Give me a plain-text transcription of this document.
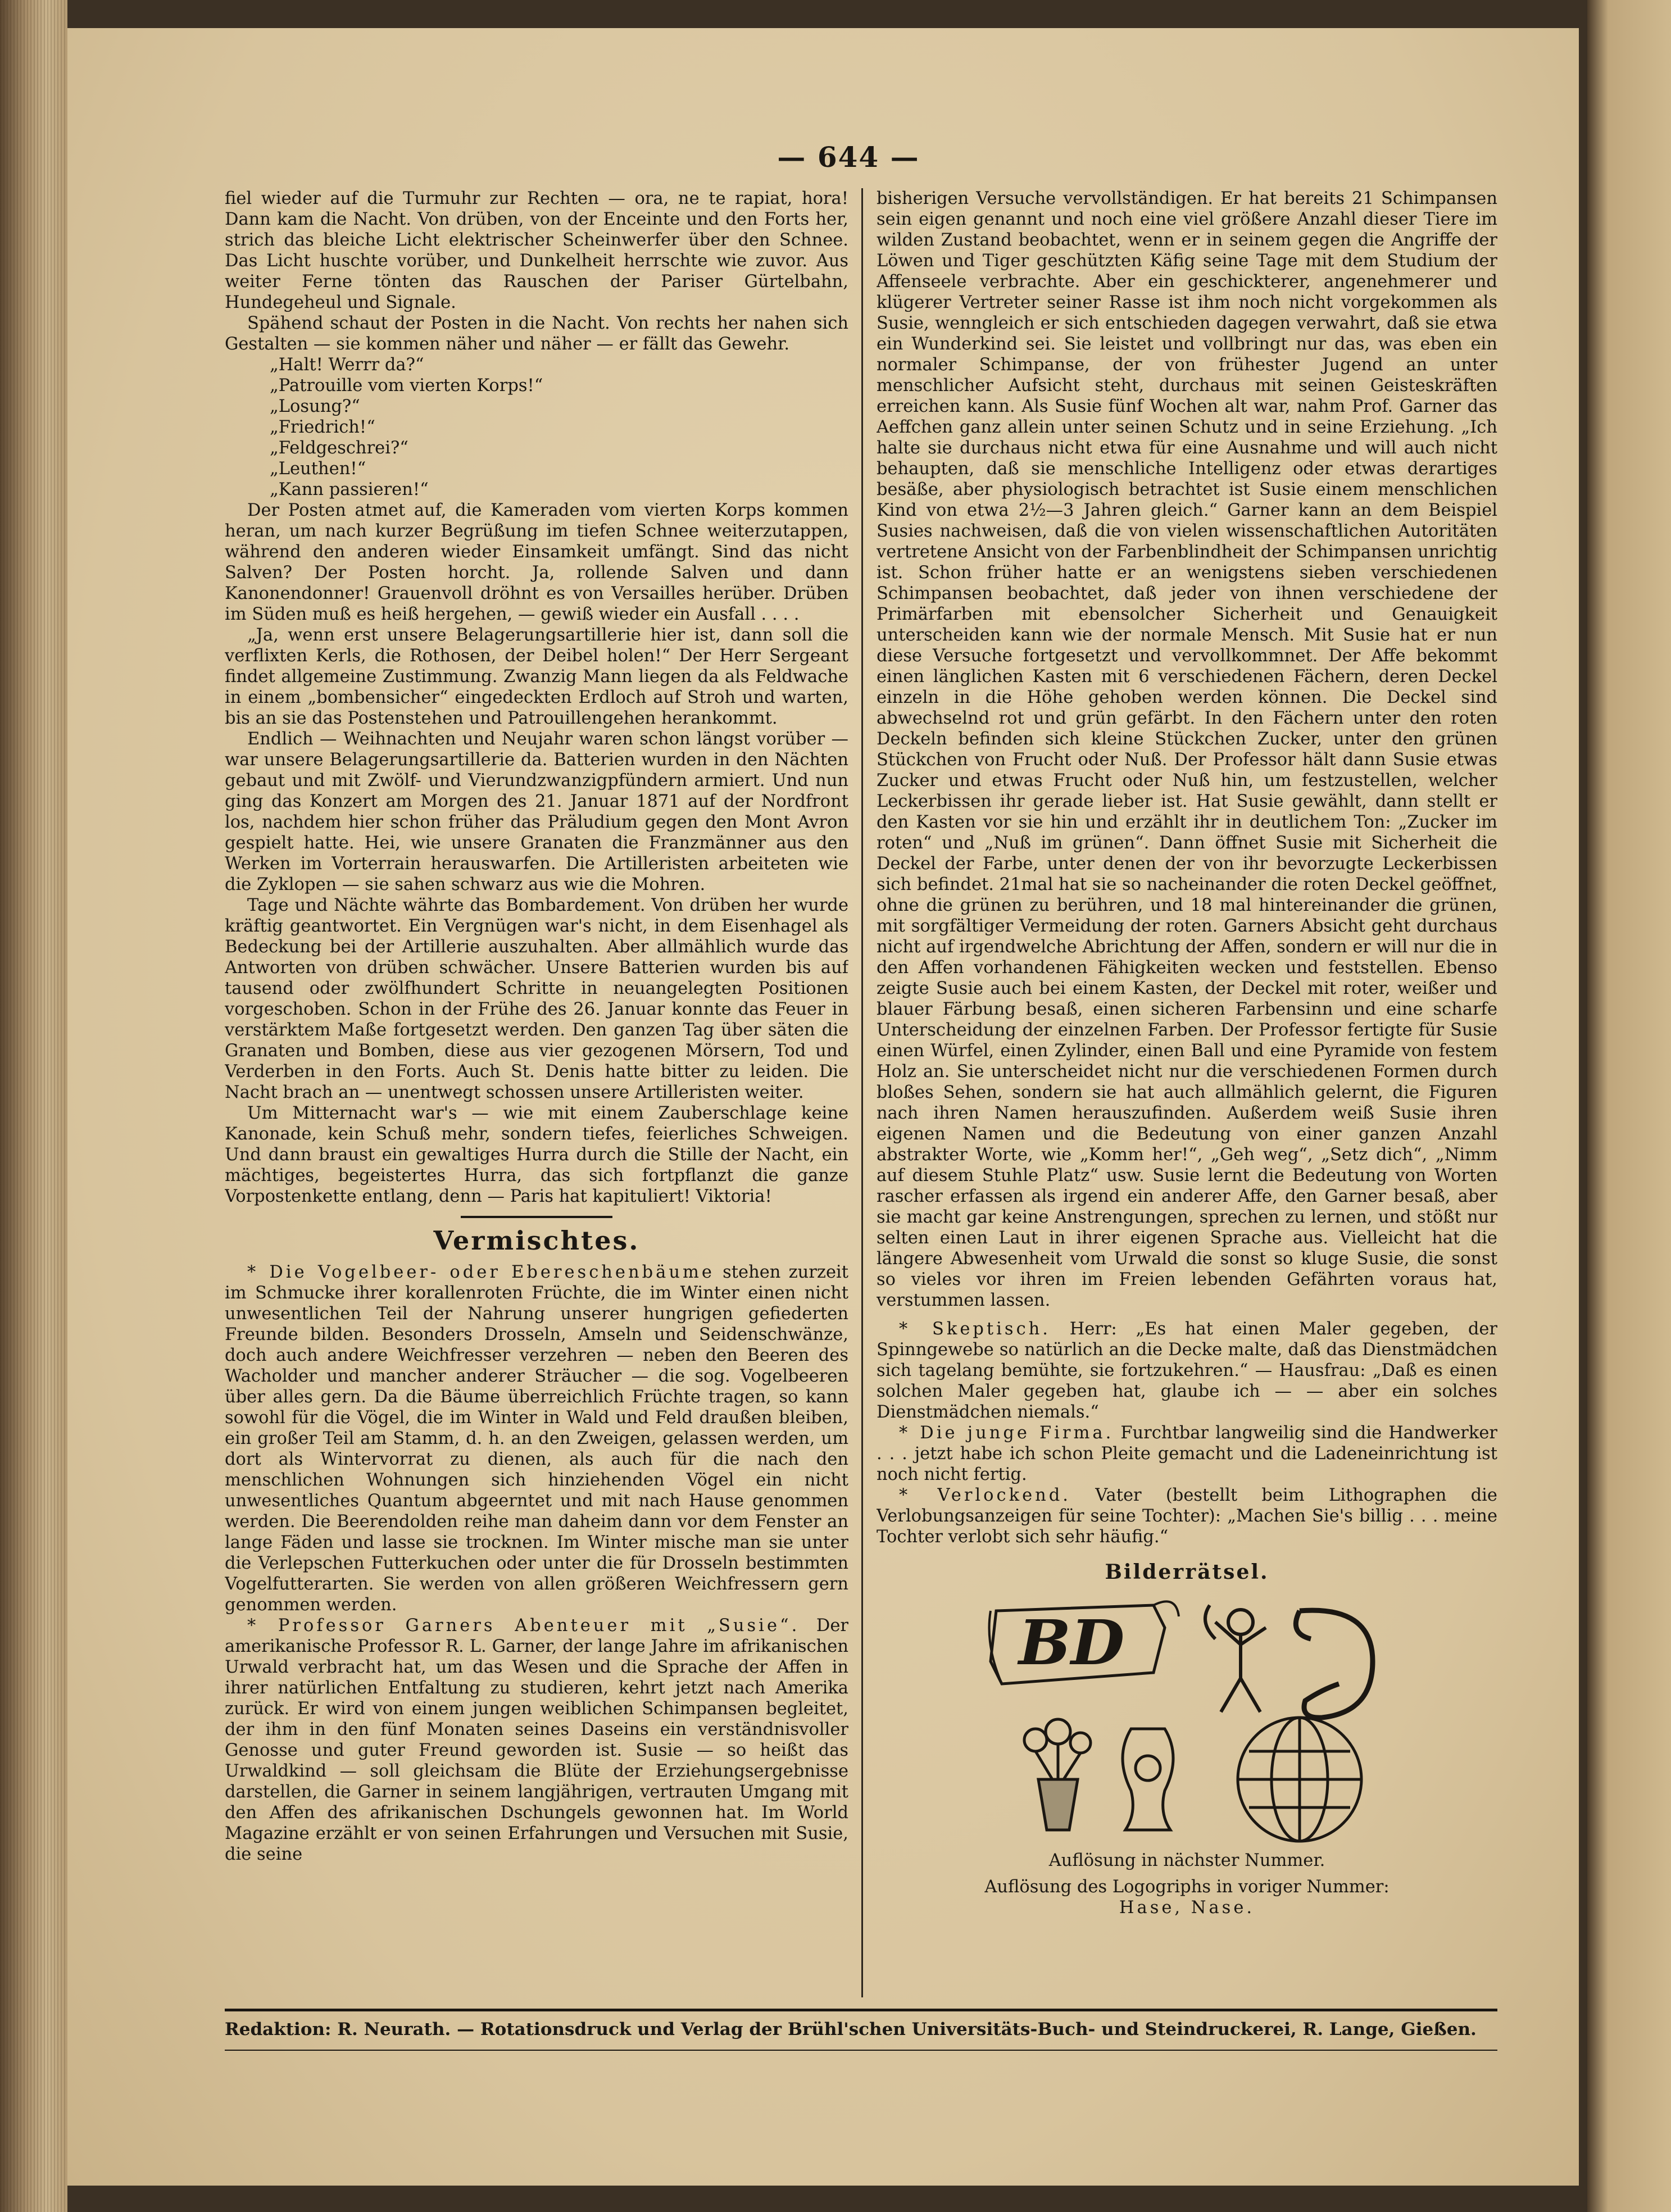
— 644 —

fiel wieder auf die Turmuhr zur Rechten — ora, ne te rapiat, hora! Dann kam die Nacht. Von drüben, von der Enceinte und den Forts her, strich das bleiche Licht elektrischer Scheinwerfer über den Schnee. Das Licht huschte vorüber, und Dunkelheit herrschte wie zuvor. Aus weiter Ferne tönten das Rauschen der Pariser Gürtelbahn, Hundegeheul und Signale.

Spähend schaut der Posten in die Nacht. Von rechts her nahen sich Gestalten — sie kommen näher und näher — er fällt das Gewehr.

„Halt! Werrr da?“

„Patrouille vom vierten Korps!“

„Losung?“

„Friedrich!“

„Feldgeschrei?“

„Leuthen!“

„Kann passieren!“

Der Posten atmet auf, die Kameraden vom vierten Korps kommen heran, um nach kurzer Begrüßung im tiefen Schnee weiterzutappen, während den anderen wieder Einsamkeit umfängt. Sind das nicht Salven? Der Posten horcht. Ja, rollende Salven und dann Kanonendonner! Grauenvoll dröhnt es von Versailles herüber. Drüben im Süden muß es heiß hergehen, — gewiß wieder ein Ausfall . . . .

„Ja, wenn erst unsere Belagerungsartillerie hier ist, dann soll die verflixten Kerls, die Rothosen, der Deibel holen!“ Der Herr Sergeant findet allgemeine Zustimmung. Zwanzig Mann liegen da als Feldwache in einem „bombensicher“ eingedeckten Erdloch auf Stroh und warten, bis an sie das Postenstehen und Patrouillengehen herankommt.

Endlich — Weihnachten und Neujahr waren schon längst vorüber — war unsere Belagerungsartillerie da. Batterien wurden in den Nächten gebaut und mit Zwölf- und Vierundzwanzigpfündern armiert. Und nun ging das Konzert am Morgen des 21. Januar 1871 auf der Nordfront los, nachdem hier schon früher das Präludium gegen den Mont Avron gespielt hatte. Hei, wie unsere Granaten die Franzmänner aus den Werken im Vorterrain herauswarfen. Die Artilleristen arbeiteten wie die Zyklopen — sie sahen schwarz aus wie die Mohren.

Tage und Nächte währte das Bombardement. Von drüben her wurde kräftig geantwortet. Ein Vergnügen war's nicht, in dem Eisenhagel als Bedeckung bei der Artillerie auszuhalten. Aber allmählich wurde das Antworten von drüben schwächer. Unsere Batterien wurden bis auf tausend oder zwölfhundert Schritte in neuangelegten Positionen vorgeschoben. Schon in der Frühe des 26. Januar konnte das Feuer in verstärktem Maße fortgesetzt werden. Den ganzen Tag über säten die Granaten und Bomben, diese aus vier gezogenen Mörsern, Tod und Verderben in den Forts. Auch St. Denis hatte bitter zu leiden. Die Nacht brach an — unentwegt schossen unsere Artilleristen weiter.

Um Mitternacht war's — wie mit einem Zauberschlage keine Kanonade, kein Schuß mehr, sondern tiefes, feierliches Schweigen. Und dann braust ein gewaltiges Hurra durch die Stille der Nacht, ein mächtiges, begeistertes Hurra, das sich fortpflanzt die ganze Vorpostenkette entlang, denn — Paris hat kapituliert! Viktoria!

Vermischtes.

* Die Vogelbeer- oder Ebereschenbäume stehen zurzeit im Schmucke ihrer korallenroten Früchte, die im Winter einen nicht unwesentlichen Teil der Nahrung unserer hungrigen gefiederten Freunde bilden. Besonders Drosseln, Amseln und Seidenschwänze, doch auch andere Weichfresser verzehren — neben den Beeren des Wacholder und mancher anderer Sträucher — die sog. Vogelbeeren über alles gern. Da die Bäume überreichlich Früchte tragen, so kann sowohl für die Vögel, die im Winter in Wald und Feld draußen bleiben, ein großer Teil am Stamm, d. h. an den Zweigen, gelassen werden, um dort als Wintervorrat zu dienen, als auch für die nach den menschlichen Wohnungen sich hinziehenden Vögel ein nicht unwesentliches Quantum abgeerntet und mit nach Hause genommen werden. Die Beerendolden reihe man daheim dann vor dem Fenster an lange Fäden und lasse sie trocknen. Im Winter mische man sie unter die Verlepschen Futterkuchen oder unter die für Drosseln bestimmten Vogelfutterarten. Sie werden von allen größeren Weichfressern gern genommen werden.

* Professor Garners Abenteuer mit „Susie“. Der amerikanische Professor R. L. Garner, der lange Jahre im afrikanischen Urwald verbracht hat, um das Wesen und die Sprache der Affen in ihrer natürlichen Entfaltung zu studieren, kehrt jetzt nach Amerika zurück. Er wird von einem jungen weiblichen Schimpansen begleitet, der ihm in den fünf Monaten seines Daseins ein verständnisvoller Genosse und guter Freund geworden ist. Susie — so heißt das Urwaldkind — soll gleichsam die Blüte der Erziehungsergebnisse darstellen, die Garner in seinem langjährigen, vertrauten Umgang mit den Affen des afrikanischen Dschungels gewonnen hat. Im World Magazine erzählt er von seinen Erfahrungen und Versuchen mit Susie, die seine

bisherigen Versuche vervollständigen. Er hat bereits 21 Schimpansen sein eigen genannt und noch eine viel größere Anzahl dieser Tiere im wilden Zustand beobachtet, wenn er in seinem gegen die Angriffe der Löwen und Tiger geschützten Käfig seine Tage mit dem Studium der Affenseele verbrachte. Aber ein geschickterer, angenehmerer und klügerer Vertreter seiner Rasse ist ihm noch nicht vorgekommen als Susie, wenngleich er sich entschieden dagegen verwahrt, daß sie etwa ein Wunderkind sei. Sie leistet und vollbringt nur das, was eben ein normaler Schimpanse, der von frühester Jugend an unter menschlicher Aufsicht steht, durchaus mit seinen Geisteskräften erreichen kann. Als Susie fünf Wochen alt war, nahm Prof. Garner das Aeffchen ganz allein unter seinen Schutz und in seine Erziehung. „Ich halte sie durchaus nicht etwa für eine Ausnahme und will auch nicht behaupten, daß sie menschliche Intelligenz oder etwas derartiges besäße, aber physiologisch betrachtet ist Susie einem menschlichen Kind von etwa 2½—3 Jahren gleich.“ Garner kann an dem Beispiel Susies nachweisen, daß die von vielen wissenschaftlichen Autoritäten vertretene Ansicht von der Farbenblindheit der Schimpansen unrichtig ist. Schon früher hatte er an wenigstens sieben verschiedenen Schimpansen beobachtet, daß jeder von ihnen verschiedene der Primärfarben mit ebensolcher Sicherheit und Genauigkeit unterscheiden kann wie der normale Mensch. Mit Susie hat er nun diese Versuche fortgesetzt und vervollkommnet. Der Affe bekommt einen länglichen Kasten mit 6 verschiedenen Fächern, deren Deckel einzeln in die Höhe gehoben werden können. Die Deckel sind abwechselnd rot und grün gefärbt. In den Fächern unter den roten Deckeln befinden sich kleine Stückchen Zucker, unter den grünen Stückchen von Frucht oder Nuß. Der Professor hält dann Susie etwas Zucker und etwas Frucht oder Nuß hin, um festzustellen, welcher Leckerbissen ihr gerade lieber ist. Hat Susie gewählt, dann stellt er den Kasten vor sie hin und erzählt ihr in deutlichem Ton: „Zucker im roten“ und „Nuß im grünen“. Dann öffnet Susie mit Sicherheit die Deckel der Farbe, unter denen der von ihr bevorzugte Leckerbissen sich befindet. 21mal hat sie so nacheinander die roten Deckel geöffnet, ohne die grünen zu berühren, und 18 mal hintereinander die grünen, mit sorgfältiger Vermeidung der roten. Garners Absicht geht durchaus nicht auf irgendwelche Abrichtung der Affen, sondern er will nur die in den Affen vorhandenen Fähigkeiten wecken und feststellen. Ebenso zeigte Susie auch bei einem Kasten, der Deckel mit roter, weißer und blauer Färbung besaß, einen sicheren Farbensinn und eine scharfe Unterscheidung der einzelnen Farben. Der Professor fertigte für Susie einen Würfel, einen Zylinder, einen Ball und eine Pyramide von festem Holz an. Sie unterscheidet nicht nur die verschiedenen Formen durch bloßes Sehen, sondern sie hat auch allmählich gelernt, die Figuren nach ihren Namen herauszufinden. Außerdem weiß Susie ihren eigenen Namen und die Bedeutung von einer ganzen Anzahl abstrakter Worte, wie „Komm her!“, „Geh weg“, „Setz dich“, „Nimm auf diesem Stuhle Platz“ usw. Susie lernt die Bedeutung von Worten rascher erfassen als irgend ein anderer Affe, den Garner besaß, aber sie macht gar keine Anstrengungen, sprechen zu lernen, und stößt nur selten einen Laut in ihrer eigenen Sprache aus. Vielleicht hat die längere Abwesenheit vom Urwald die sonst so kluge Susie, die sonst so vieles vor ihren im Freien lebenden Gefährten voraus hat, verstummen lassen.

* Skeptisch. Herr: „Es hat einen Maler gegeben, der Spinngewebe so natürlich an die Decke malte, daß das Dienstmädchen sich tagelang bemühte, sie fortzukehren.“ — Hausfrau: „Daß es einen solchen Maler gegeben hat, glaube ich — — aber ein solches Dienstmädchen niemals.“

* Die junge Firma. Furchtbar langweilig sind die Handwerker . . . jetzt habe ich schon Pleite gemacht und die Ladeneinrichtung ist noch nicht fertig.

* Verlockend. Vater (bestellt beim Lithographen die Verlobungsanzeigen für seine Tochter): „Machen Sie's billig . . . meine Tochter verlobt sich sehr häufig.“

Bilderrätsel.
BD

Auflösung in nächster Nummer.

Auflösung des Logogriphs in voriger Nummer:

Hase, Nase.

Redaktion: R. Neurath. — Rotationsdruck und Verlag der Brühl'schen Universitäts-Buch- und Steindruckerei, R. Lange, Gießen.
